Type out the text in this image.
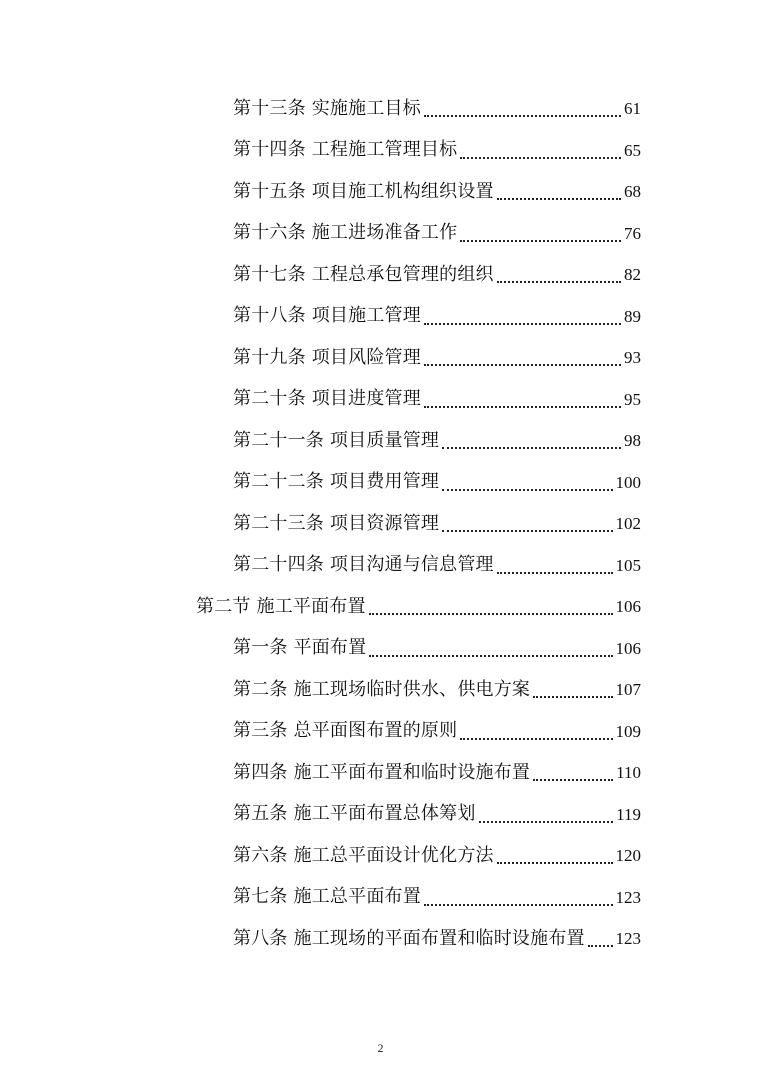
第十三条 实施施工目标	61
第十四条 工程施工管理目标	65
第十五条 项目施工机构组织设置	68
第十六条 施工进场准备工作	76
第十七条 工程总承包管理的组织	82
第十八条 项目施工管理	89
第十九条 项目风险管理	93
第二十条 项目进度管理	95
第二十一条 项目质量管理	98
第二十二条 项目费用管理	100
第二十三条 项目资源管理	102
第二十四条 项目沟通与信息管理	105
第二节 施工平面布置	106
第一条 平面布置	106
第二条 施工现场临时供水、供电方案	107
第三条 总平面图布置的原则	109
第四条 施工平面布置和临时设施布置	110
第五条 施工平面布置总体筹划	119
第六条 施工总平面设计优化方法	120
第七条 施工总平面布置	123
第八条 施工现场的平面布置和临时设施布置 123
2
